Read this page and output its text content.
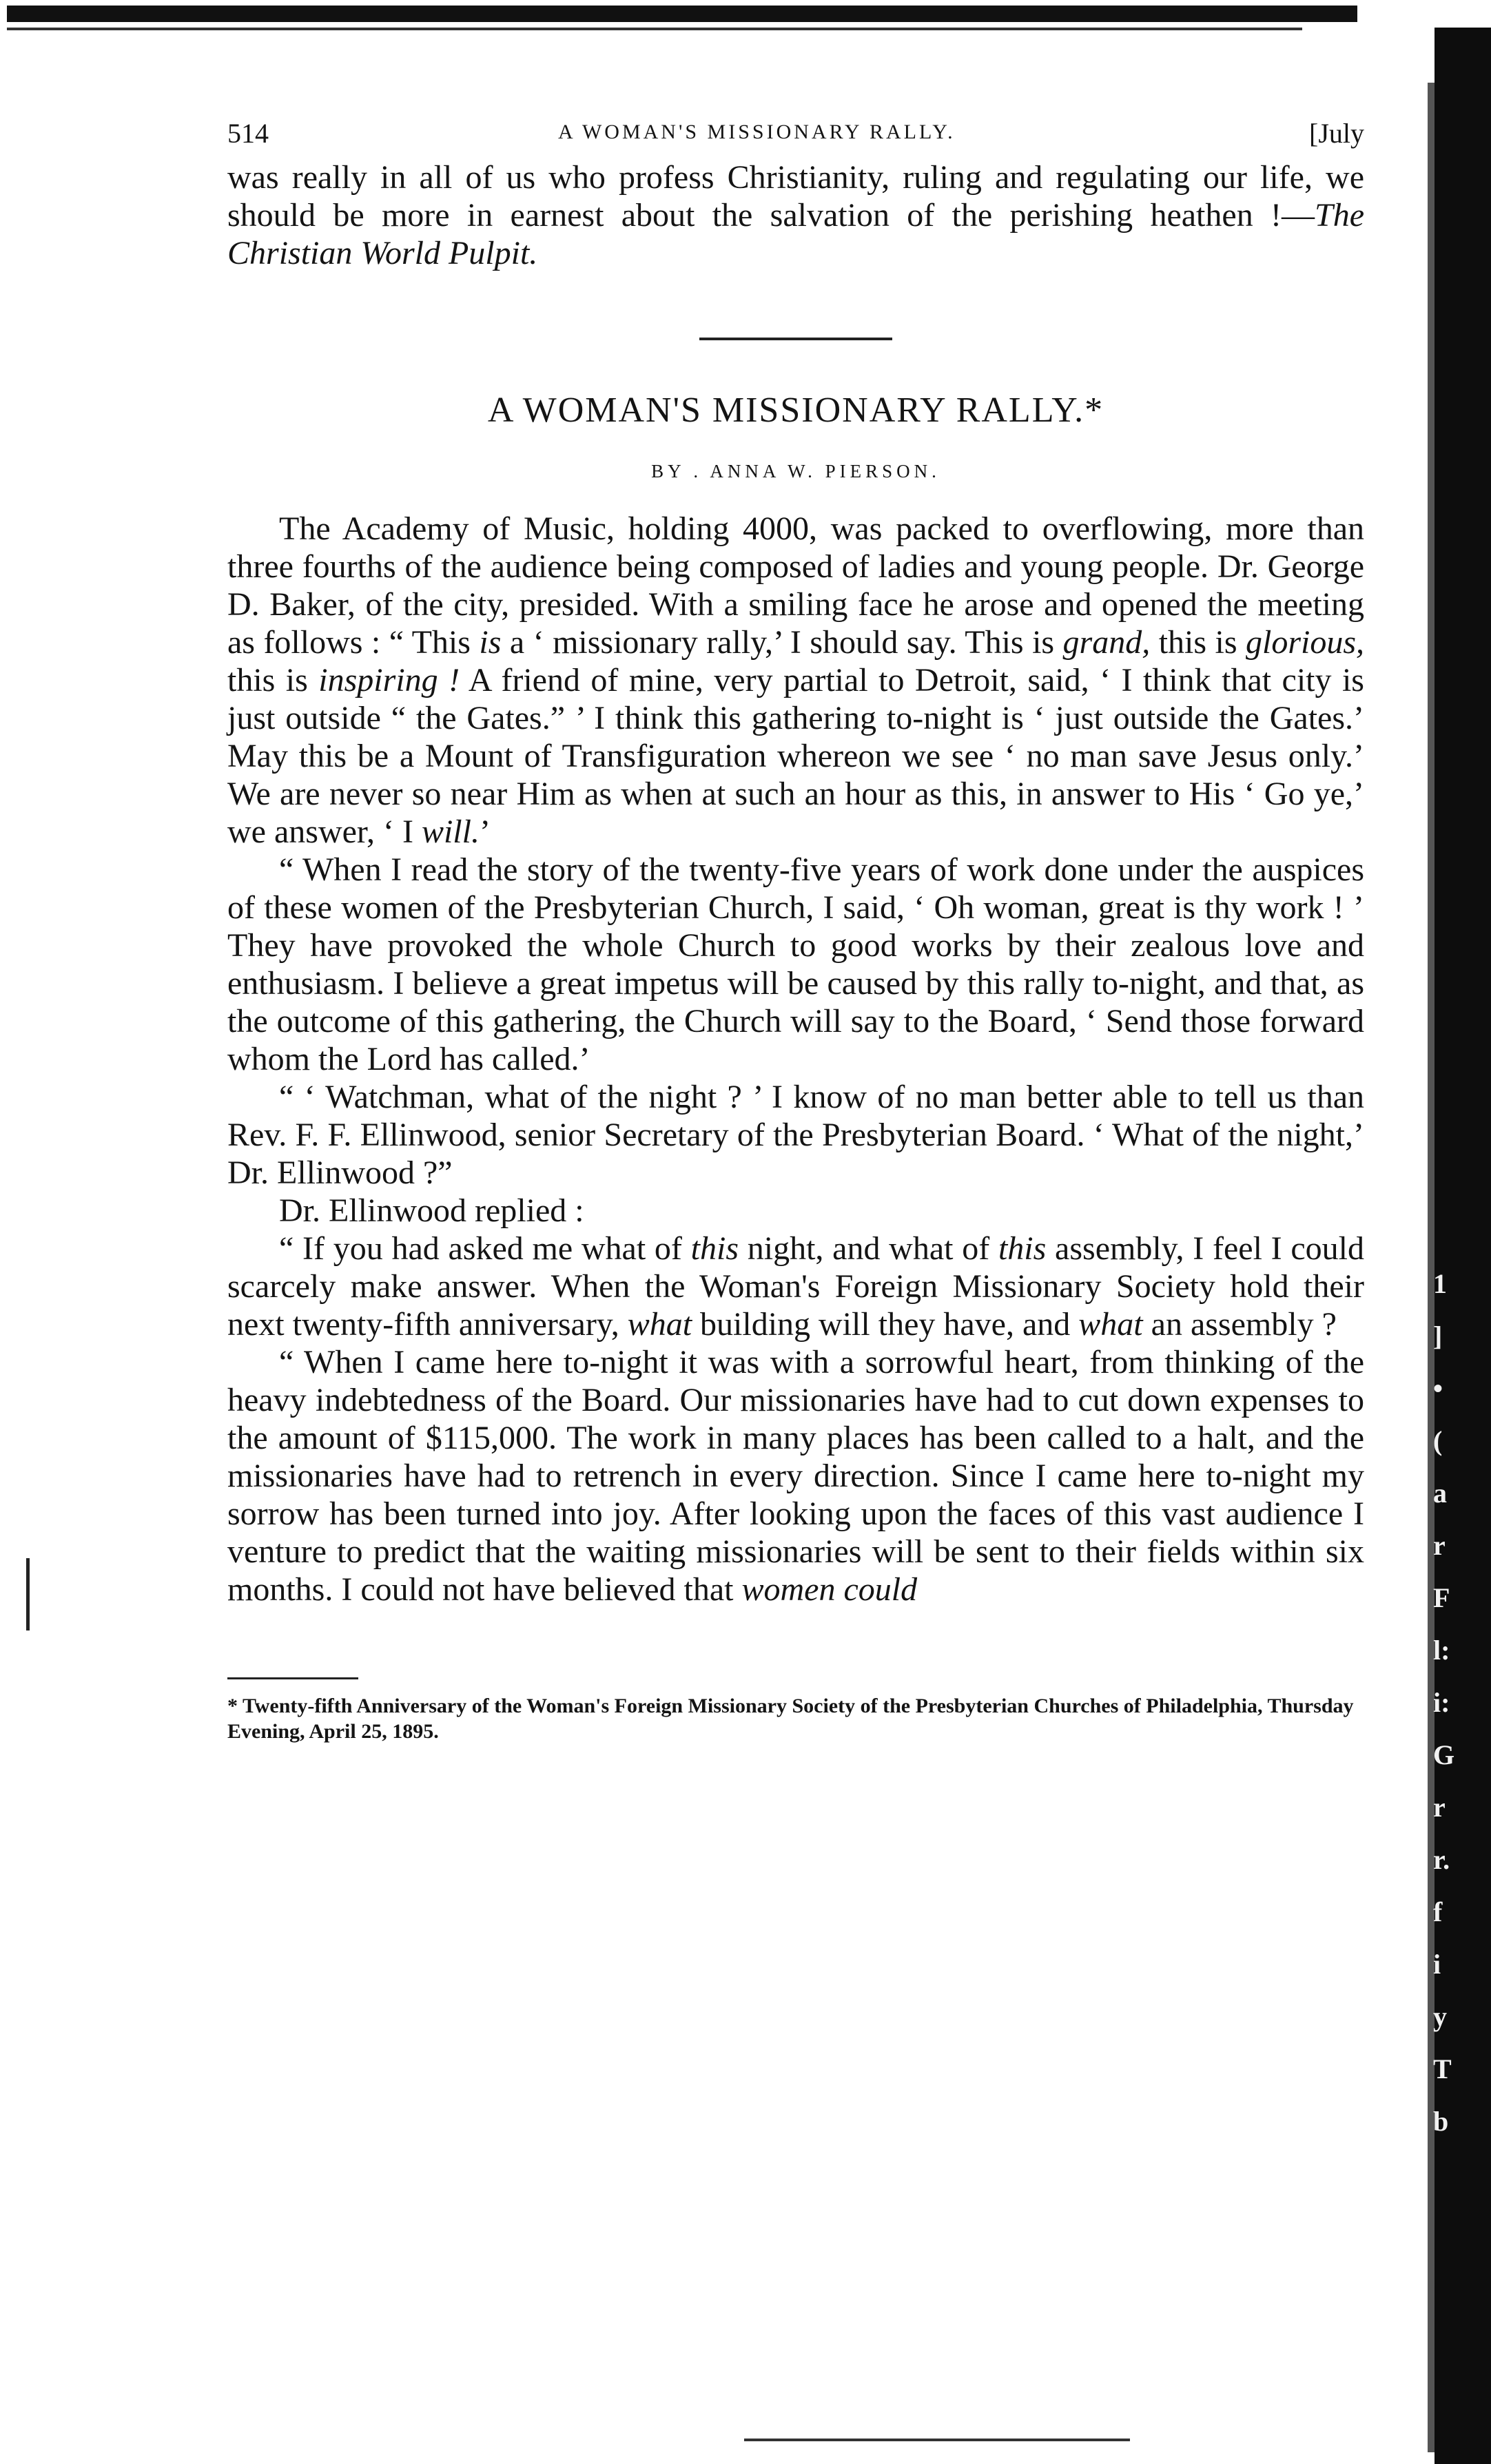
1
]
•
(
a
r
F
l:
i:
G
r
r.
f
i
y
T
b
514	A WOMAN'S MISSIONARY RALLY.	[July

was really in all of us who profess Christianity, ruling and regulating our life, we should be more in earnest about the salvation of the perishing heathen !—The Christian World Pulpit.

A WOMAN'S MISSIONARY RALLY.*
BY . ANNA W. PIERSON.

The Academy of Music, holding 4000, was packed to overflowing, more than three fourths of the audience being composed of ladies and young people. Dr. George D. Baker, of the city, presided. With a smiling face he arose and opened the meeting as follows : “ This is a ‘ missionary rally,’ I should say. This is grand, this is glorious, this is inspiring ! A friend of mine, very partial to Detroit, said, ‘ I think that city is just outside “ the Gates.” ’ I think this gathering to-night is ‘ just outside the Gates.’ May this be a Mount of Transfiguration whereon we see ‘ no man save Jesus only.’ We are never so near Him as when at such an hour as this, in answer to His ‘ Go ye,’ we answer, ‘ I will.’

“ When I read the story of the twenty-five years of work done under the auspices of these women of the Presbyterian Church, I said, ‘ Oh woman, great is thy work ! ’ They have provoked the whole Church to good works by their zealous love and enthusiasm. I believe a great impetus will be caused by this rally to-night, and that, as the outcome of this gathering, the Church will say to the Board, ‘ Send those forward whom the Lord has called.’

“ ‘ Watchman, what of the night ? ’ I know of no man better able to tell us than Rev. F. F. Ellinwood, senior Secretary of the Presbyterian Board. ‘ What of the night,’ Dr. Ellinwood ?”

Dr. Ellinwood replied :

“ If you had asked me what of this night, and what of this assembly, I feel I could scarcely make answer. When the Woman's Foreign Missionary Society hold their next twenty-fifth anniversary, what building will they have, and what an assembly ?

“ When I came here to-night it was with a sorrowful heart, from thinking of the heavy indebtedness of the Board. Our missionaries have had to cut down expenses to the amount of $115,000. The work in many places has been called to a halt, and the missionaries have had to retrench in every direction. Since I came here to-night my sorrow has been turned into joy. After looking upon the faces of this vast audience I venture to predict that the waiting missionaries will be sent to their fields within six months. I could not have believed that women could

* Twenty-fifth Anniversary of the Woman's Foreign Missionary Society of the Presbyterian Churches of Philadelphia, Thursday Evening, April 25, 1895.
